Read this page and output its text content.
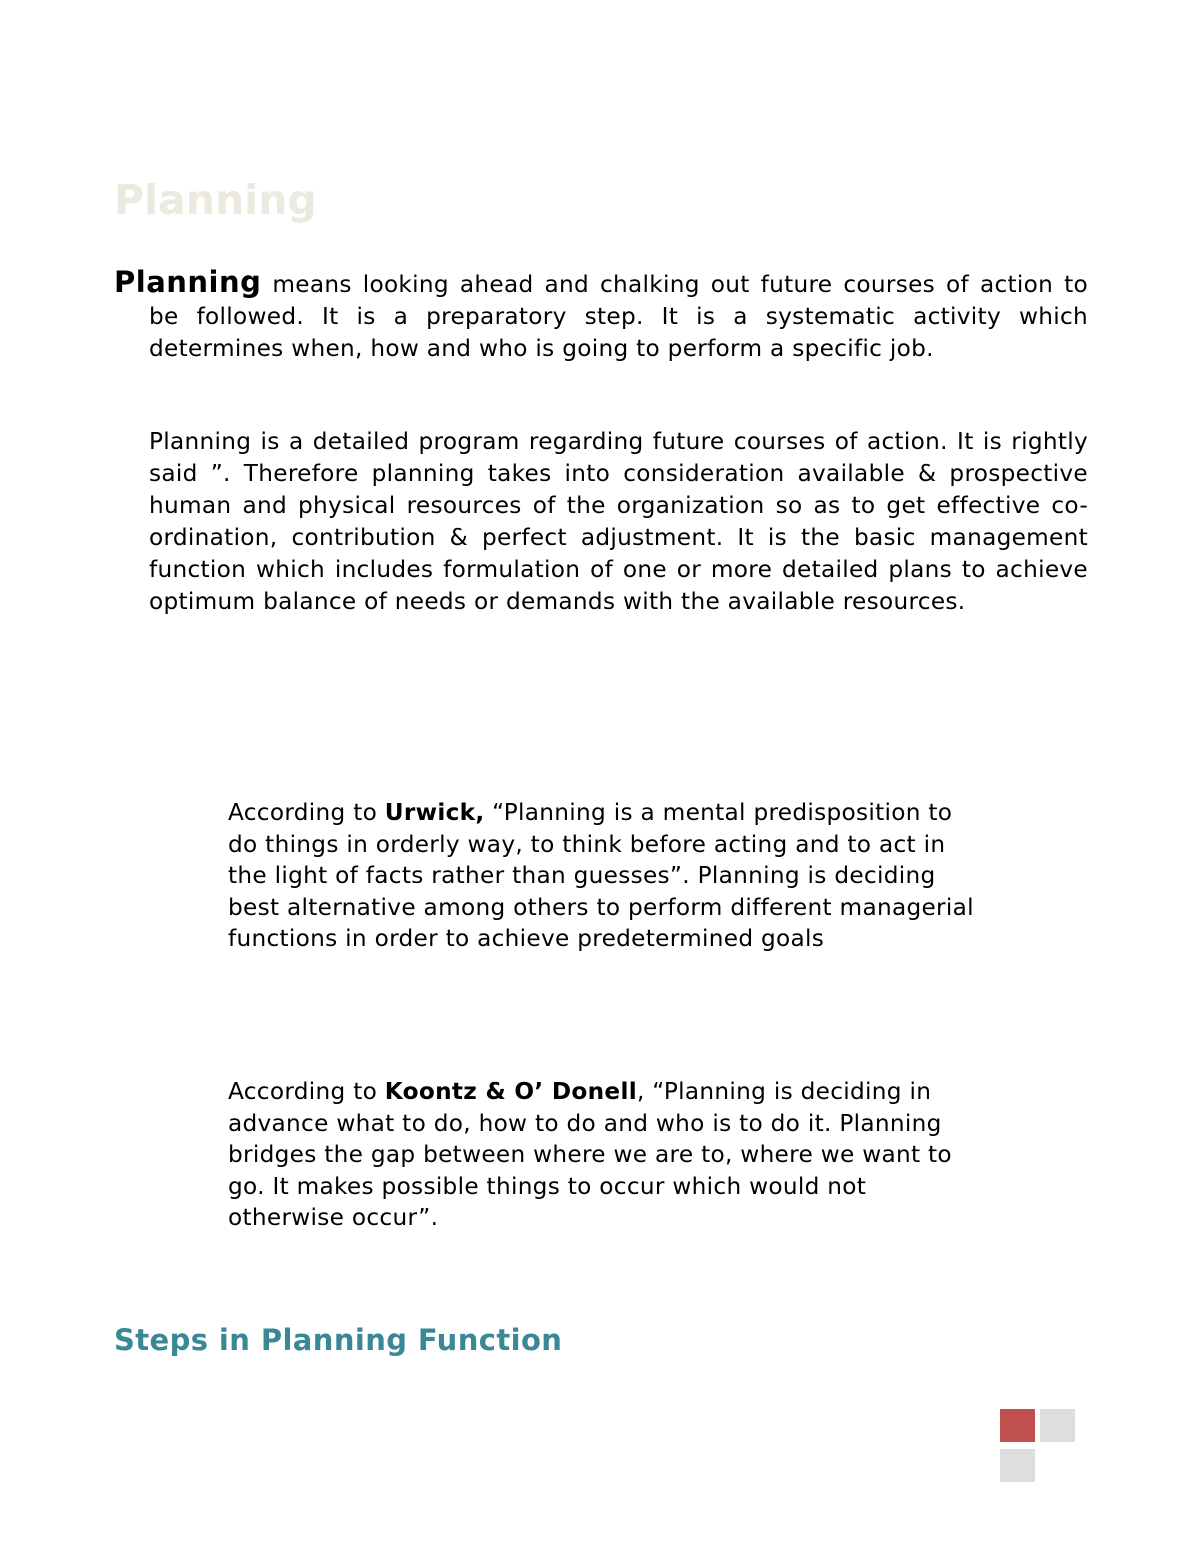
Planning

Planning means looking ahead and chalking out future courses of action to be followed. It is a preparatory step. It is a systematic activity which determines when, how and who is going to perform a specific job.

Planning is a detailed program regarding future courses of action. It is rightly said ”. Therefore planning takes into consideration available & prospective human and physical resources of the organization so as to get effective co-ordination, contribution & perfect adjustment. It is the basic management function which includes formulation of one or more detailed plans to achieve optimum balance of needs or demands with the available resources.

According to Urwick, “Planning is a mental predisposition to do things in orderly way, to think before acting and to act in the light of facts rather than guesses”. Planning is deciding best alternative among others to perform different managerial functions in order to achieve predetermined goals

According to Koontz & O’ Donell, “Planning is deciding in advance what to do, how to do and who is to do it. Planning bridges the gap between where we are to, where we want to go. It makes possible things to occur which would not otherwise occur”.

Steps in Planning Function
